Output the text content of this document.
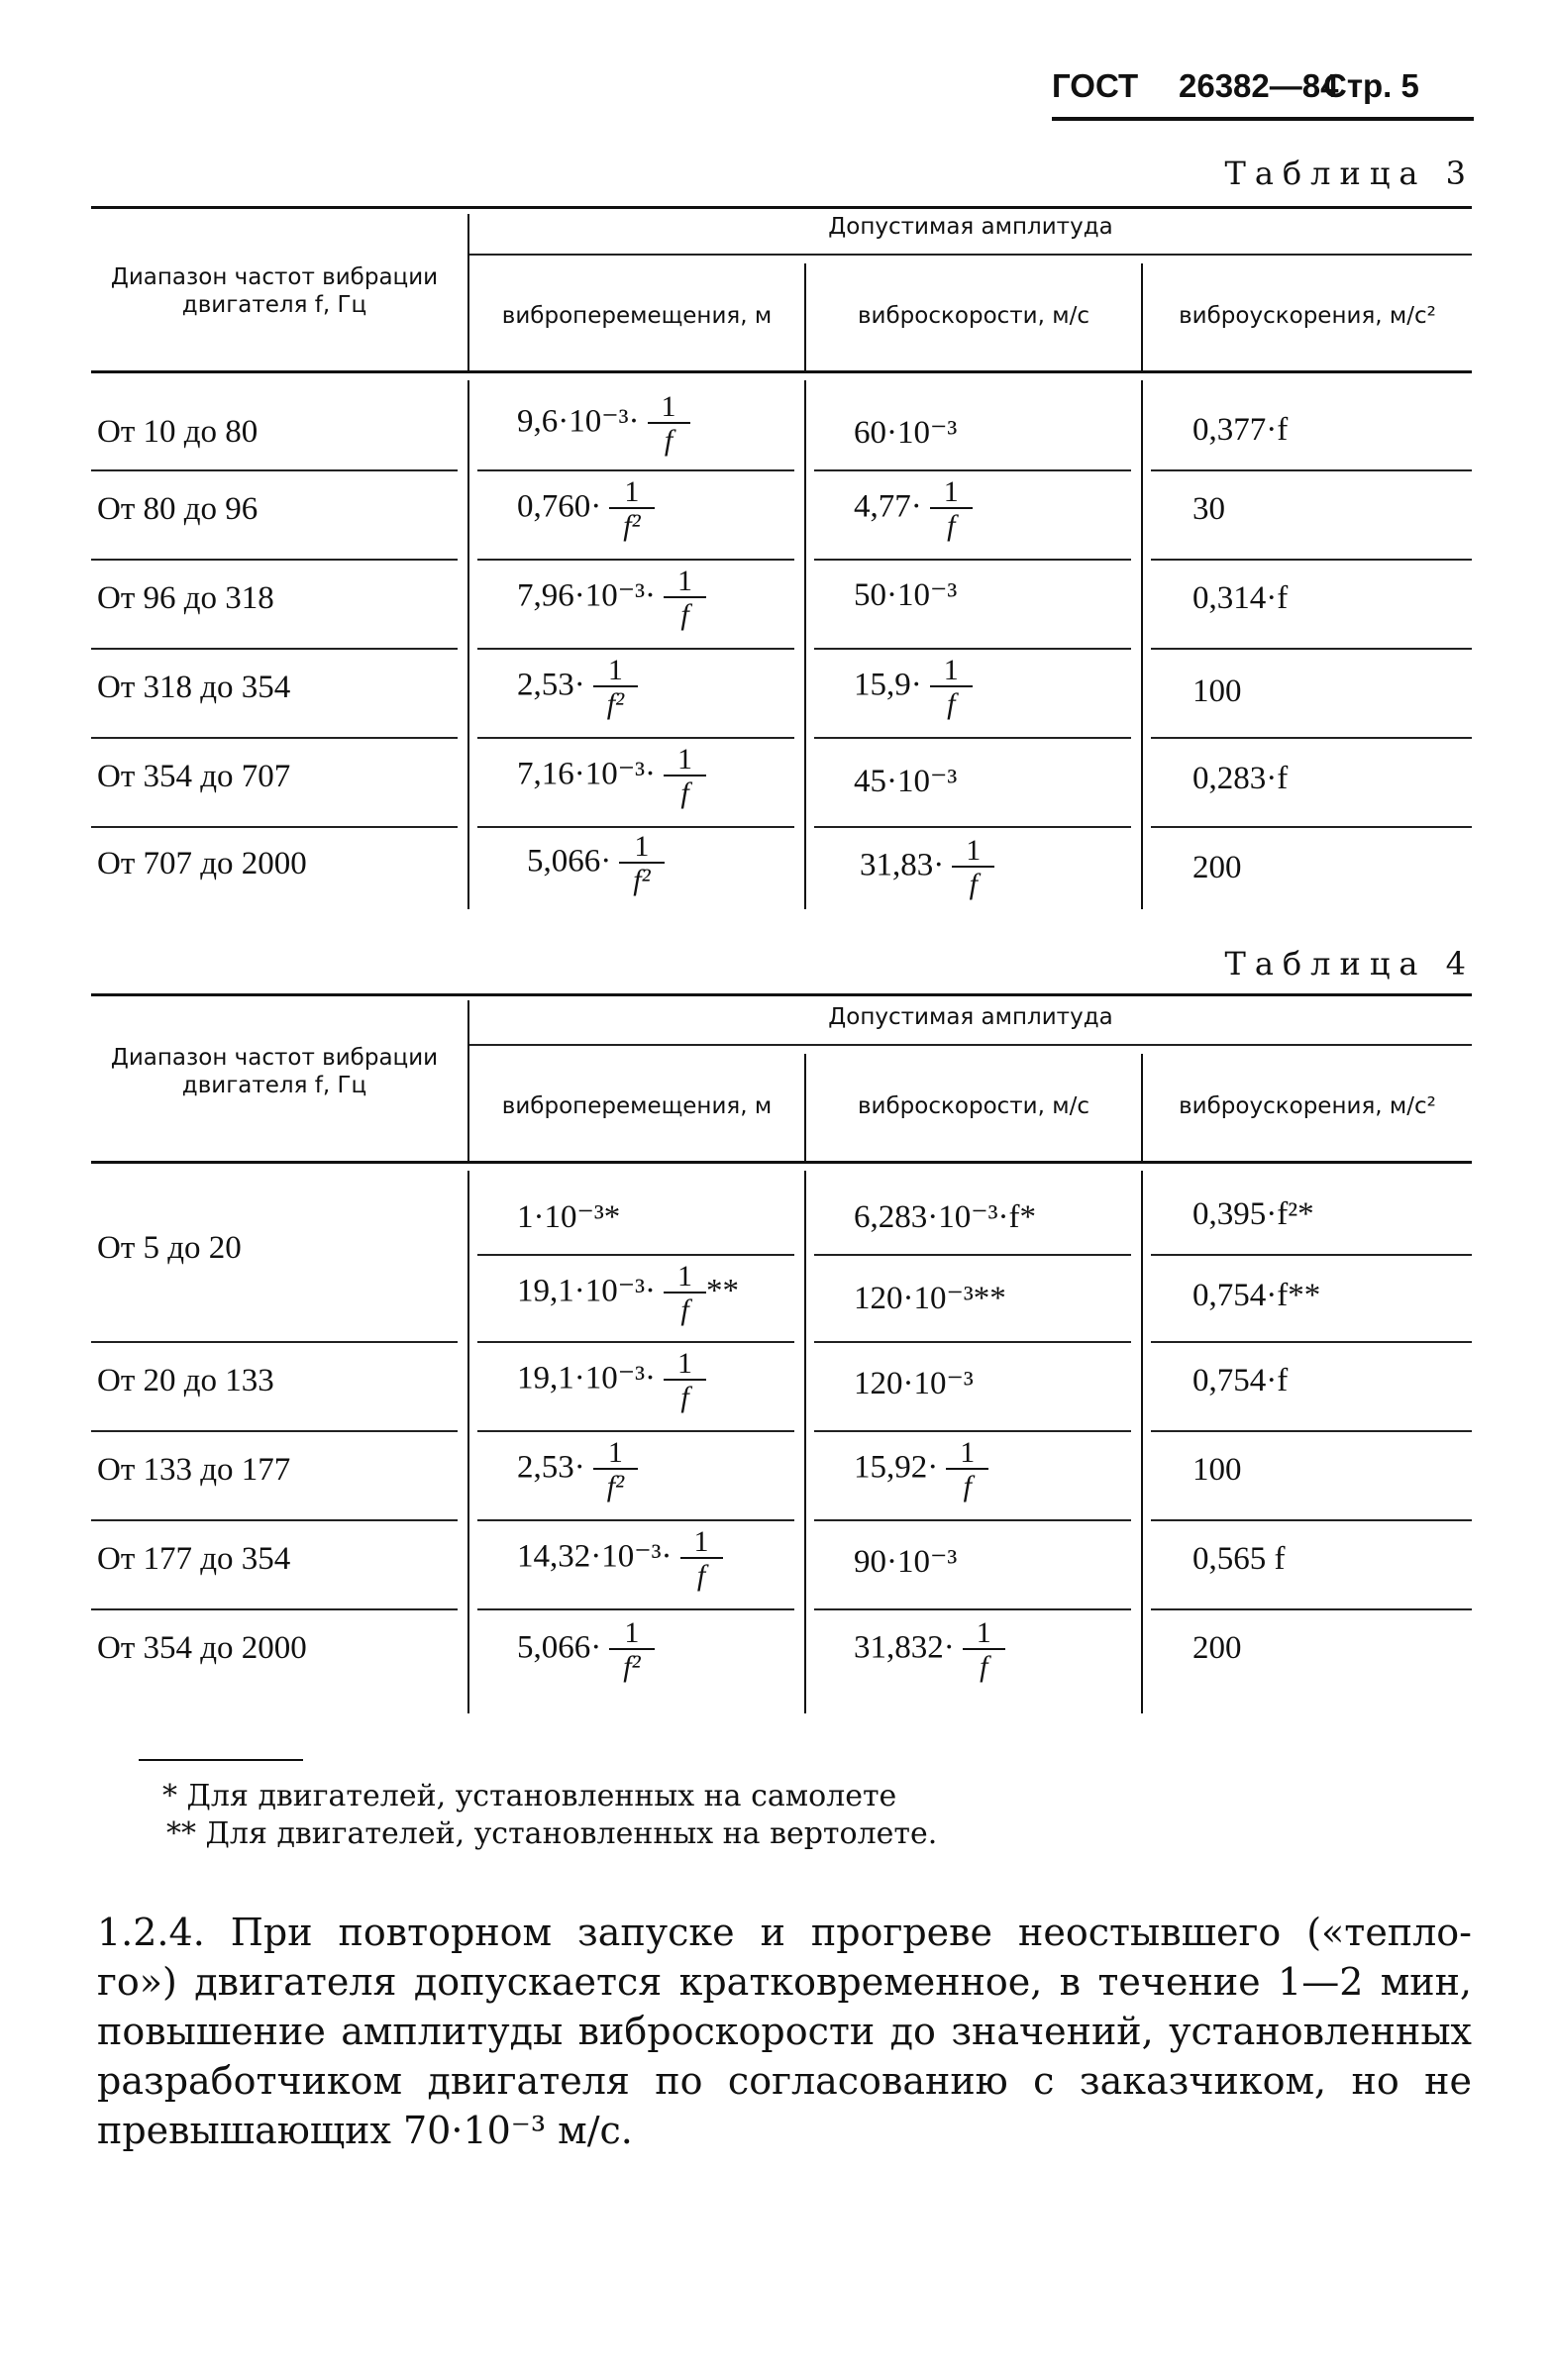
ГОСТ 26382—84
Стр. 5
Таблица 3
Диапазон частот вибрации двигателя f, Гц
Допустимая амплитуда
виброперемещения, м	виброскорости, м/с	виброускорения, м/с²
От 10 до 80	$9,6\cdot 10^{-3}\cdot \frac{1}{f}$	60·10⁻³	0,377·f
От 80 до 96	$0,760\cdot \frac{1}{\text{f²}}$	$4,77\cdot \frac{1}{f}$	30
От 96 до 318	$7,96\cdot 10^{-3}\cdot \frac{1}{f}$	50·10⁻³	0,314·f
От 318 до 354	$2,53\cdot \frac{1}{\text{f²}}$	$15,9\cdot \frac{1}{f}$	100
От 354 до 707	$7,16\cdot 10^{-3}\cdot \frac{1}{f}$	45·10⁻³	0,283·f
От 707 до 2000	$5,066\cdot \frac{1}{\text{f²}}$	$31,83\cdot \frac{1}{f}$	200
Таблица 4
Диапазон частот вибрации двигателя f, Гц
Допустимая амплитуда
виброперемещения, м	виброскорости, м/с	виброускорения, м/с²
От 5 до 20
1·10⁻³*	6,283·10⁻³·f*	0,395·f²*
$19,1\cdot 10^{-3}\cdot \frac{1}{f}$ **	120·10⁻³**	0,754·f**
От 20 до 133	$19,1\cdot 10^{-3}\cdot \frac{1}{f}$	120·10⁻³	0,754·f
От 133 до 177	$2,53\cdot \frac{1}{\text{f²}}$	$15,92\cdot \frac{1}{f}$	100
От 177 до 354	$14,32\cdot 10^{-3}\cdot \frac{1}{f}$	90·10⁻³	0,565 f
От 354 до 2000	$5,066\cdot \frac{1}{\text{f²}}$	$31,832\cdot \frac{1}{f}$	200
* Для двигателей, установленных на самолете
** Для двигателей, установленных на вертолете.
1.2.4. При повторном запуске и прогреве неостывшего («тепло-
го») двигателя допускается кратковременное, в течение 1—2 мин,
повышение амплитуды виброскорости до значений, установленных
разработчиком двигателя по согласованию с заказчиком, но не
превышающих 70·10⁻³ м/с.
